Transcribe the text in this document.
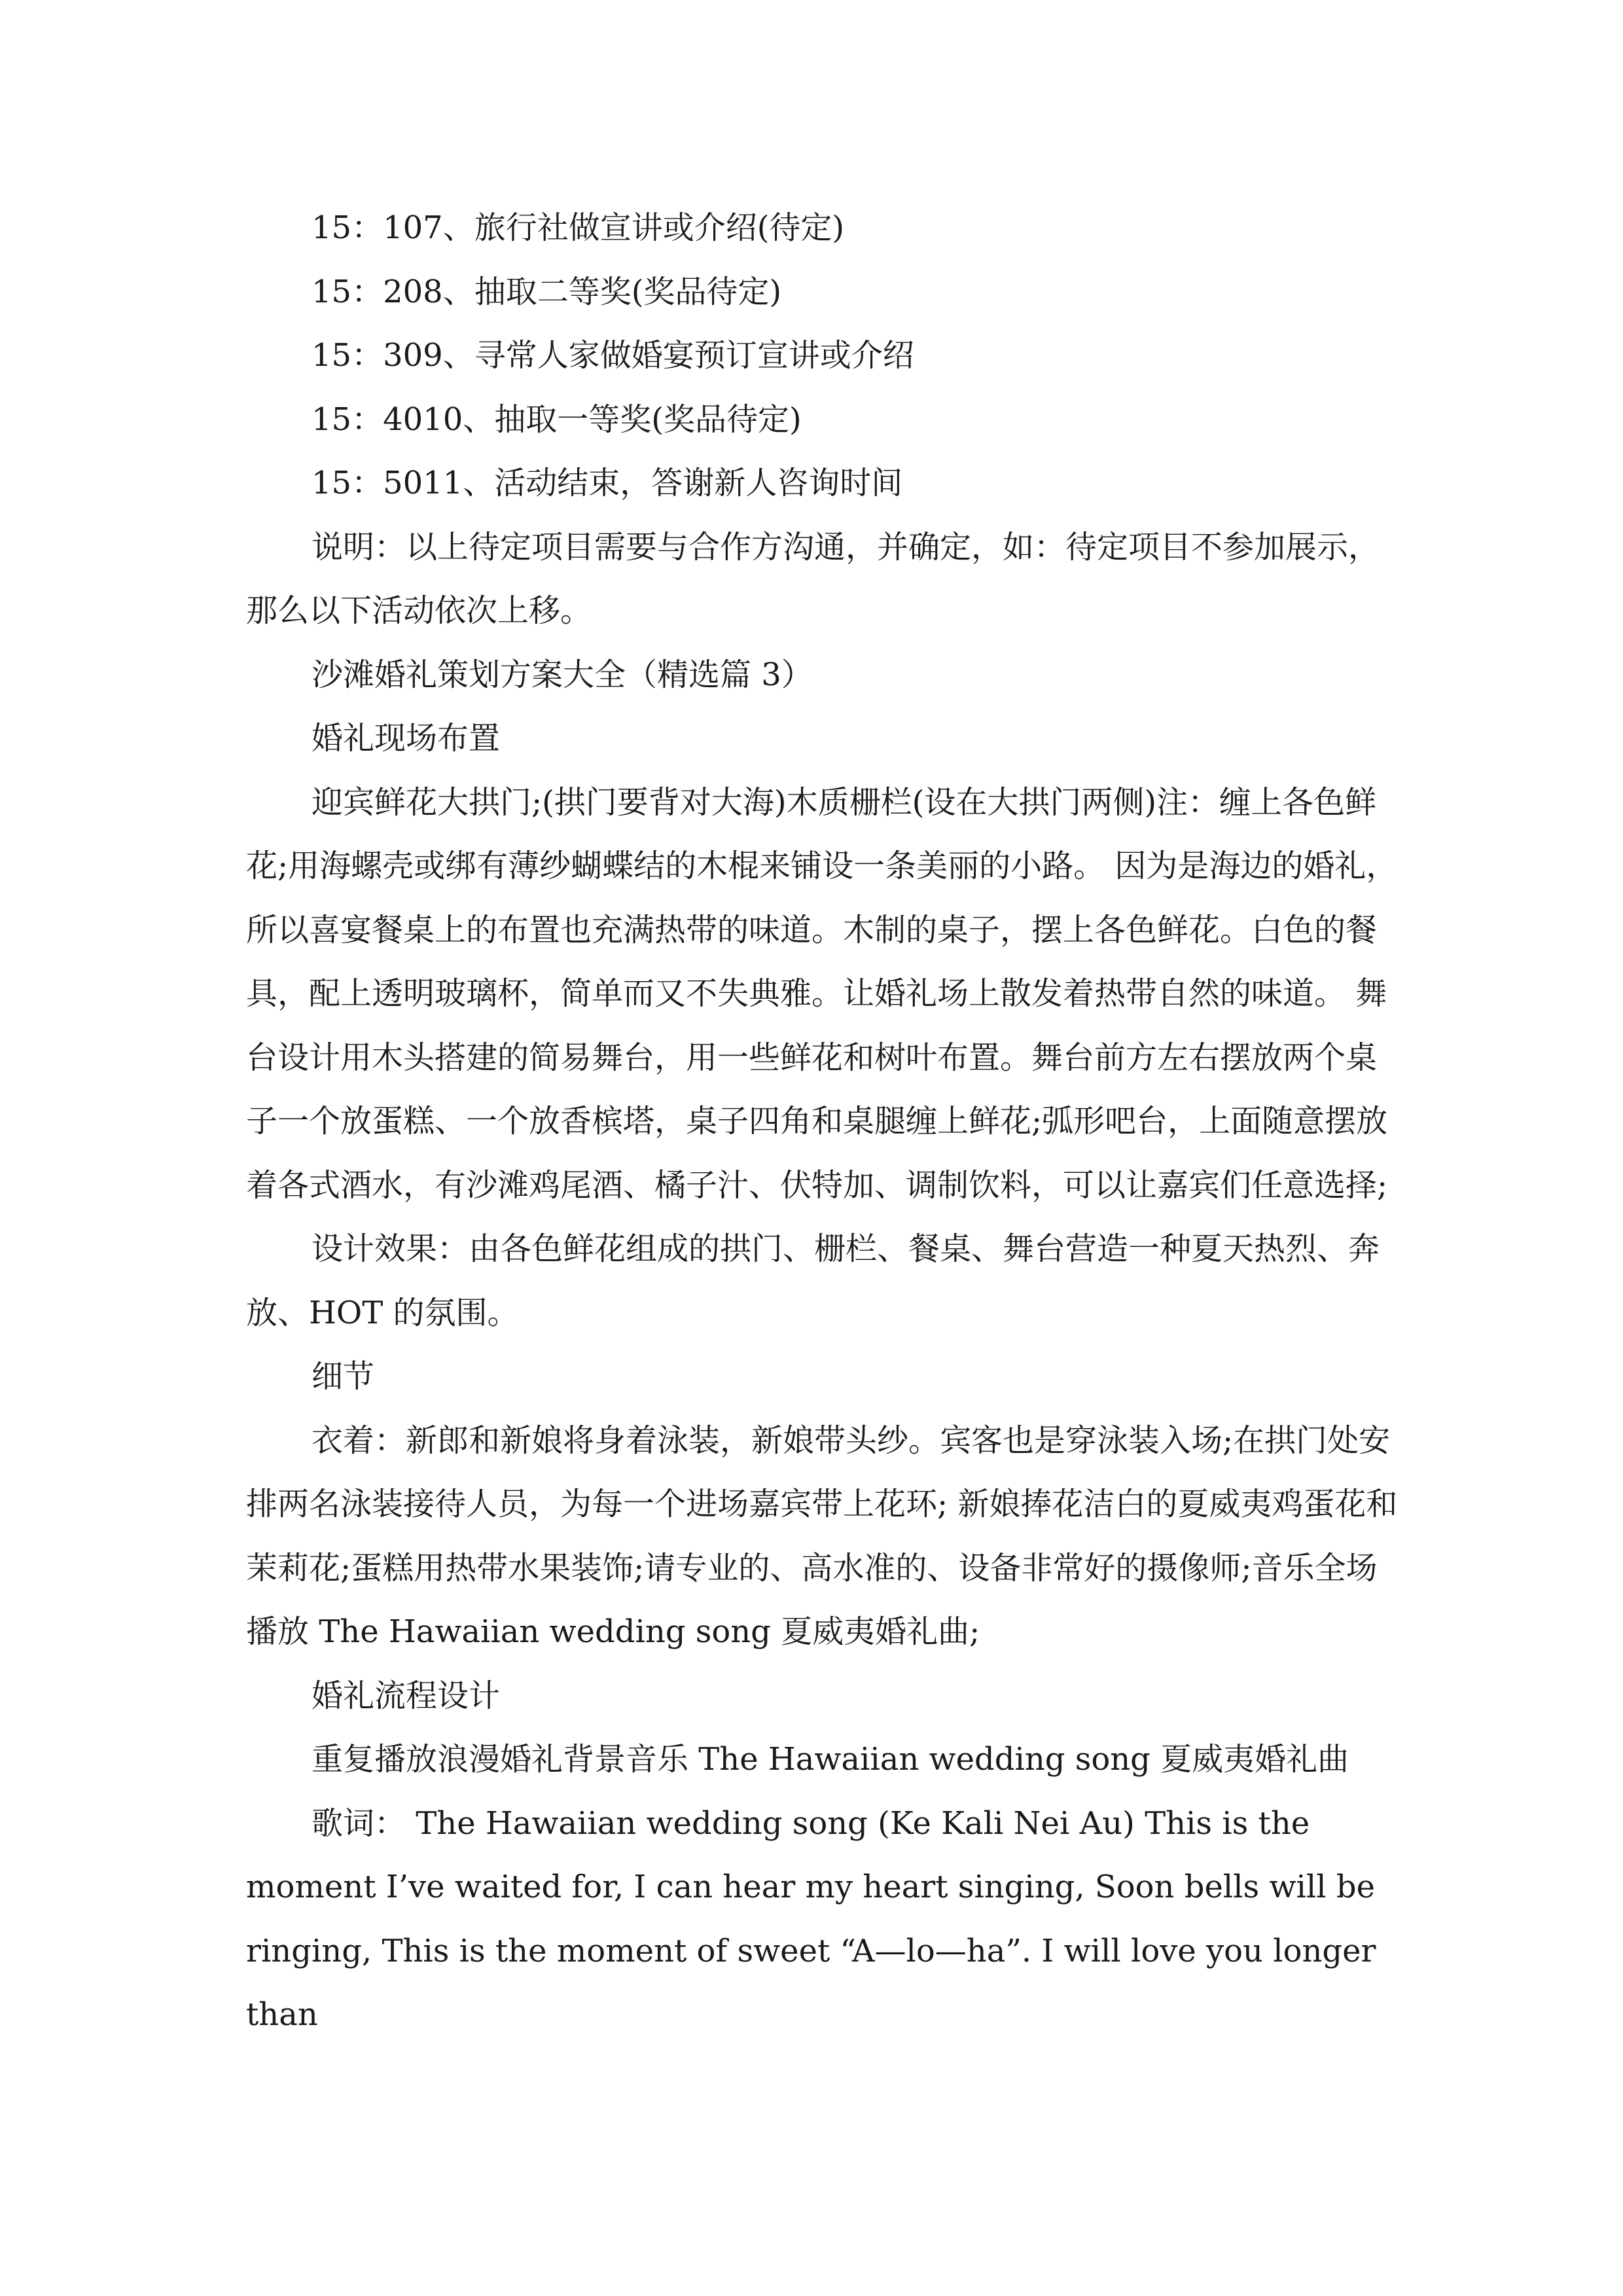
15：107、旅行社做宣讲或介绍(待定)

15：208、抽取二等奖(奖品待定)

15：309、寻常人家做婚宴预订宣讲或介绍

15：4010、抽取一等奖(奖品待定)

15：5011、活动结束，答谢新人咨询时间

说明：以上待定项目需要与合作方沟通，并确定，如：待定项目不参加展示，那么以下活动依次上移。

沙滩婚礼策划方案大全（精选篇 3）

婚礼现场布置

迎宾鲜花大拱门;(拱门要背对大海)木质栅栏(设在大拱门两侧)注：缠上各色鲜花;用海螺壳或绑有薄纱蝴蝶结的木棍来铺设一条美丽的小路。 因为是海边的婚礼，所以喜宴餐桌上的布置也充满热带的味道。木制的桌子，摆上各色鲜花。白色的餐具，配上透明玻璃杯，简单而又不失典雅。让婚礼场上散发着热带自然的味道。 舞台设计用木头搭建的简易舞台，用一些鲜花和树叶布置。舞台前方左右摆放两个桌子一个放蛋糕、一个放香槟塔，桌子四角和桌腿缠上鲜花;弧形吧台，上面随意摆放着各式酒水，有沙滩鸡尾酒、橘子汁、伏特加、调制饮料，可以让嘉宾们任意选择;

设计效果：由各色鲜花组成的拱门、栅栏、餐桌、舞台营造一种夏天热烈、奔放、HOT 的氛围。

细节

衣着：新郎和新娘将身着泳装，新娘带头纱。宾客也是穿泳装入场;在拱门处安排两名泳装接待人员，为每一个进场嘉宾带上花环; 新娘捧花洁白的夏威夷鸡蛋花和茉莉花;蛋糕用热带水果装饰;请专业的、高水准的、设备非常好的摄像师;音乐全场播放 The Hawaiian wedding song 夏威夷婚礼曲;

婚礼流程设计

重复播放浪漫婚礼背景音乐 The Hawaiian wedding song 夏威夷婚礼曲

歌词： The Hawaiian wedding song (Ke Kali Nei Au) This is the moment I’ve waited for, I can hear my heart singing, Soon bells will be ringing, This is the moment of sweet “A—lo—ha”. I will love you longer than
